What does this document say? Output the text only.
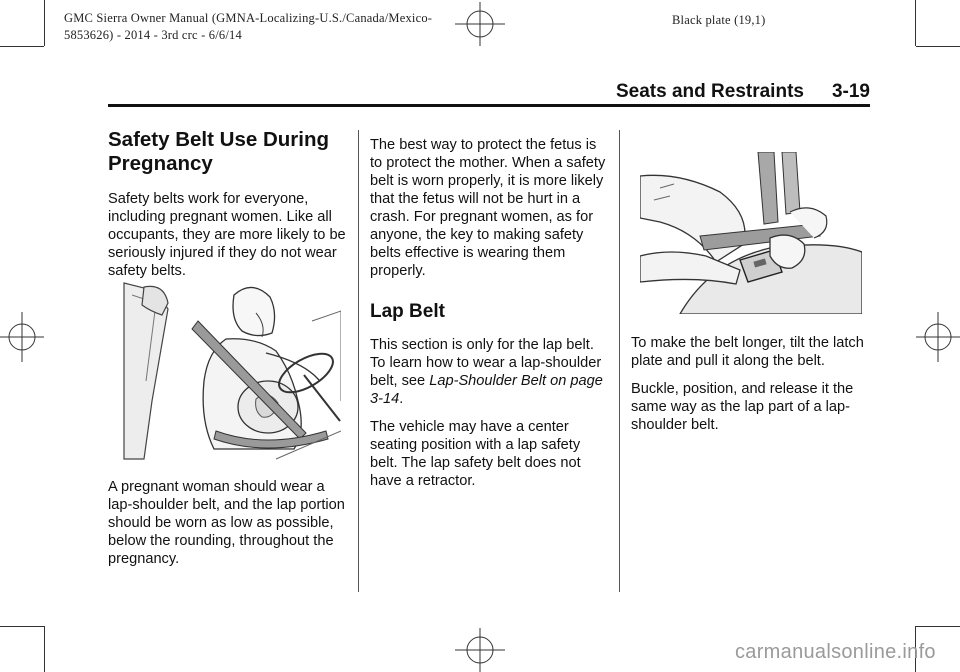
GMC Sierra Owner Manual (GMNA-Localizing-U.S./Canada/Mexico-
5853626) - 2014 - 3rd crc - 6/6/14
Black plate (19,1)
Seats and Restraints 3-19
Safety Belt Use During Pregnancy

Safety belts work for everyone, including pregnant women. Like all occupants, they are more likely to be seriously injured if they do not wear safety belts.

A pregnant woman should wear a lap-shoulder belt, and the lap portion should be worn as low as possible, below the rounding, throughout the pregnancy.

The best way to protect the fetus is to protect the mother. When a safety belt is worn properly, it is more likely that the fetus will not be hurt in a crash. For pregnant women, as for anyone, the key to making safety belts effective is wearing them properly.

Lap Belt

This section is only for the lap belt. To learn how to wear a lap-shoulder belt, see Lap-Shoulder Belt on page 3-14.

The vehicle may have a center seating position with a lap safety belt. The lap safety belt does not have a retractor.

To make the belt longer, tilt the latch plate and pull it along the belt.

Buckle, position, and release it the same way as the lap part of a lap-shoulder belt.

carmanualsonline.info
